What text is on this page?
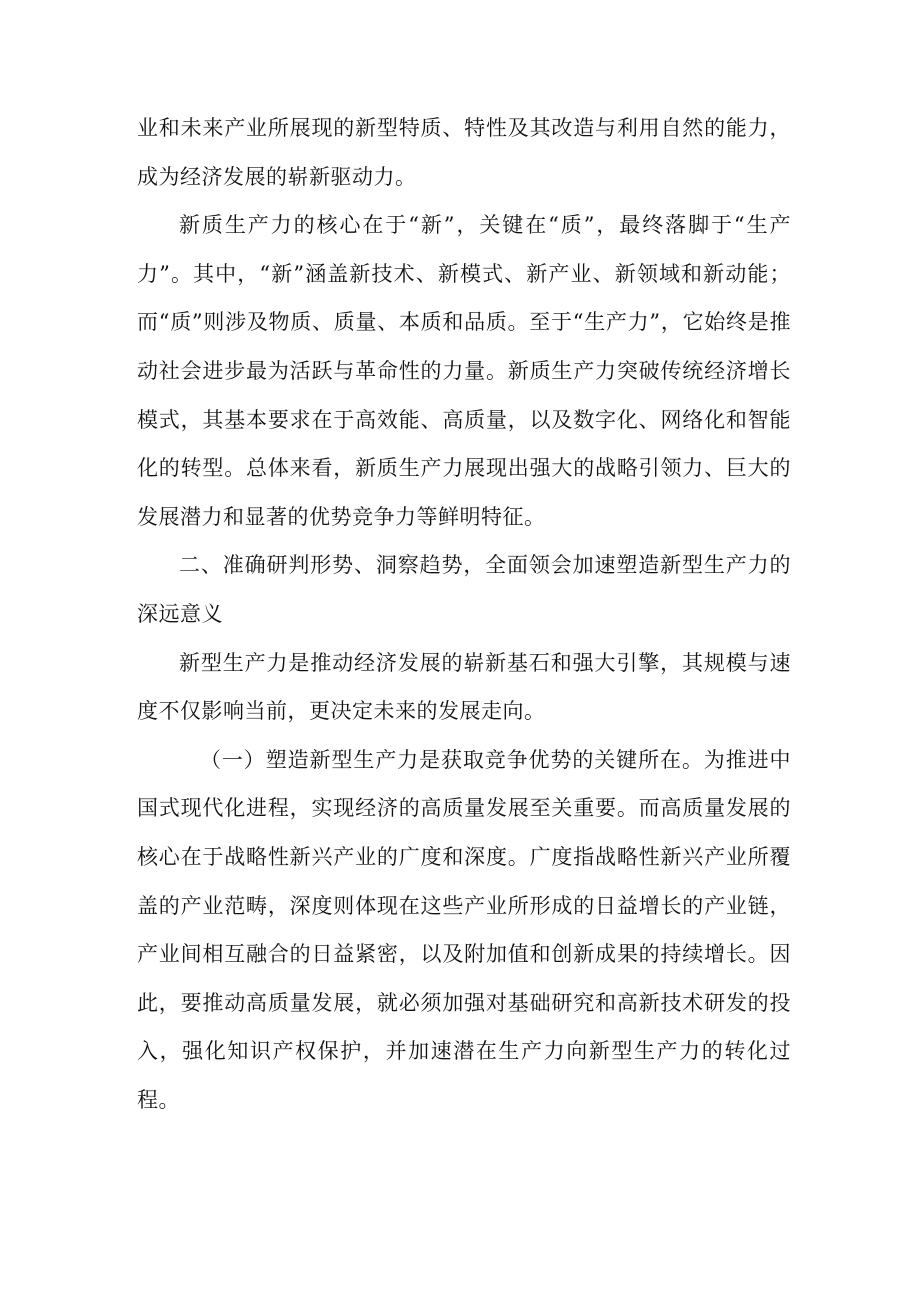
业和未来产业所展现的新型特质、特性及其改造与利用自然的能力，成为经济发展的崭新驱动力。

新质生产力的核心在于“新”，关键在“质”，最终落脚于“生产力”。其中，“新”涵盖新技术、新模式、新产业、新领域和新动能；而“质”则涉及物质、质量、本质和品质。至于“生产力”，它始终是推动社会进步最为活跃与革命性的力量。新质生产力突破传统经济增长模式，其基本要求在于高效能、高质量，以及数字化、网络化和智能化的转型。总体来看，新质生产力展现出强大的战略引领力、巨大的发展潜力和显著的优势竞争力等鲜明特征。

二、准确研判形势、洞察趋势，全面领会加速塑造新型生产力的深远意义

新型生产力是推动经济发展的崭新基石和强大引擎，其规模与速度不仅影响当前，更决定未来的发展走向。

（一）塑造新型生产力是获取竞争优势的关键所在。为推进中国式现代化进程，实现经济的高质量发展至关重要。而高质量发展的核心在于战略性新兴产业的广度和深度。广度指战略性新兴产业所覆盖的产业范畴，深度则体现在这些产业所形成的日益增长的产业链，产业间相互融合的日益紧密，以及附加值和创新成果的持续增长。因此，要推动高质量发展，就必须加强对基础研究和高新技术研发的投入，强化知识产权保护，并加速潜在生产力向新型生产力的转化过程。
